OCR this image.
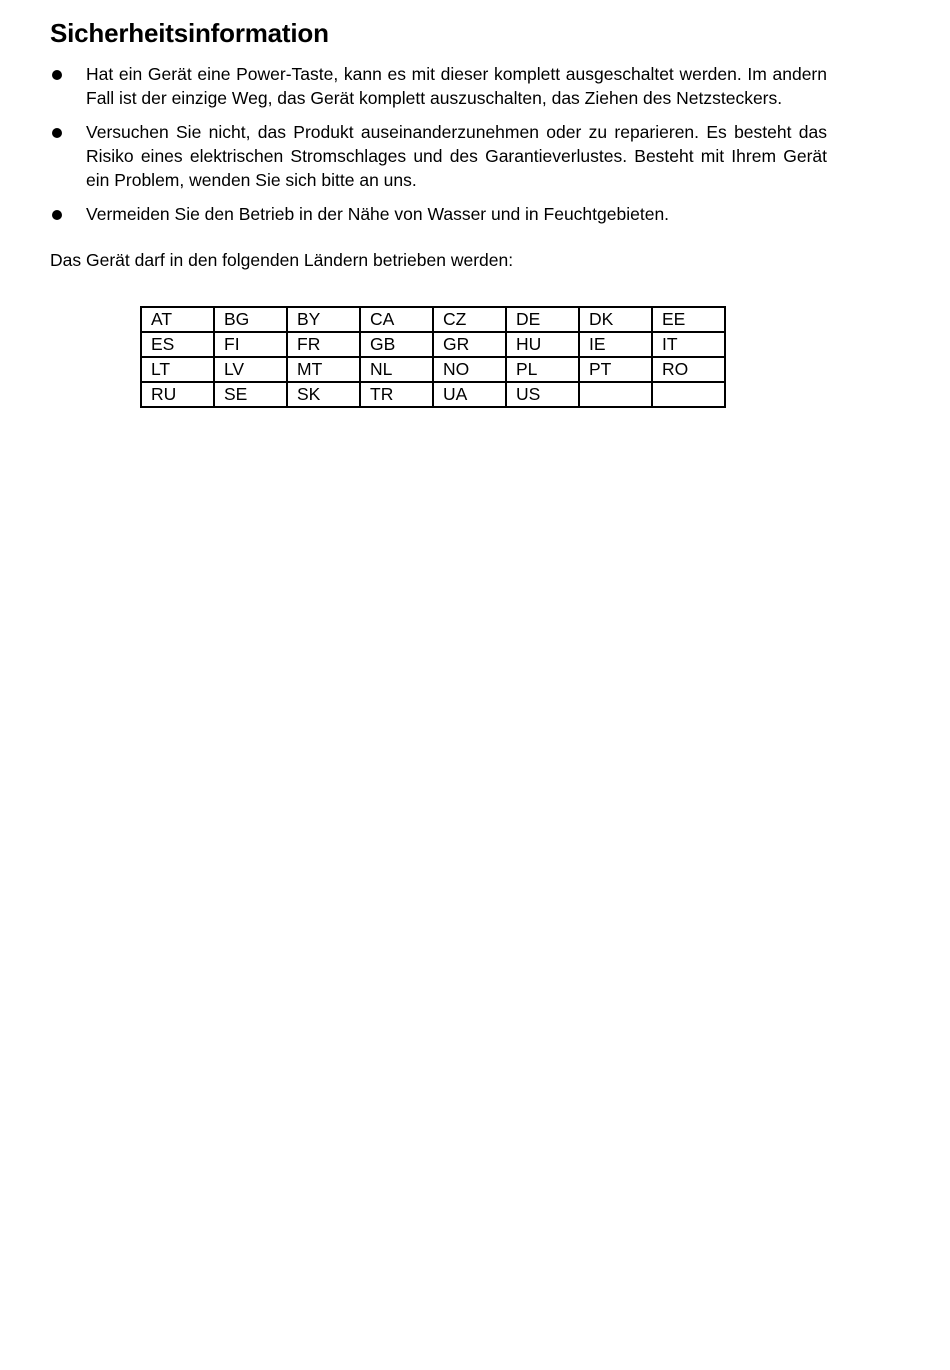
Sicherheitsinformation
Hat ein Gerät eine Power-Taste, kann es mit dieser komplett ausgeschaltet werden. Im andern Fall ist der einzige Weg, das Gerät komplett auszuschalten, das Ziehen des Netzsteckers.
Versuchen Sie nicht, das Produkt auseinanderzunehmen oder zu reparieren. Es besteht das Risiko eines elektrischen Stromschlages und des Garantieverlustes. Besteht mit Ihrem Gerät ein Problem, wenden Sie sich bitte an uns.
Vermeiden Sie den Betrieb in der Nähe von Wasser und in Feuchtgebieten.
Das Gerät darf in den folgenden Ländern betrieben werden:
AT	BG	BY	CA	CZ	DE	DK	EE
ES	FI	FR	GB	GR	HU	IE	IT
LT	LV	MT	NL	NO	PL	PT	RO
RU	SE	SK	TR	UA	US		
